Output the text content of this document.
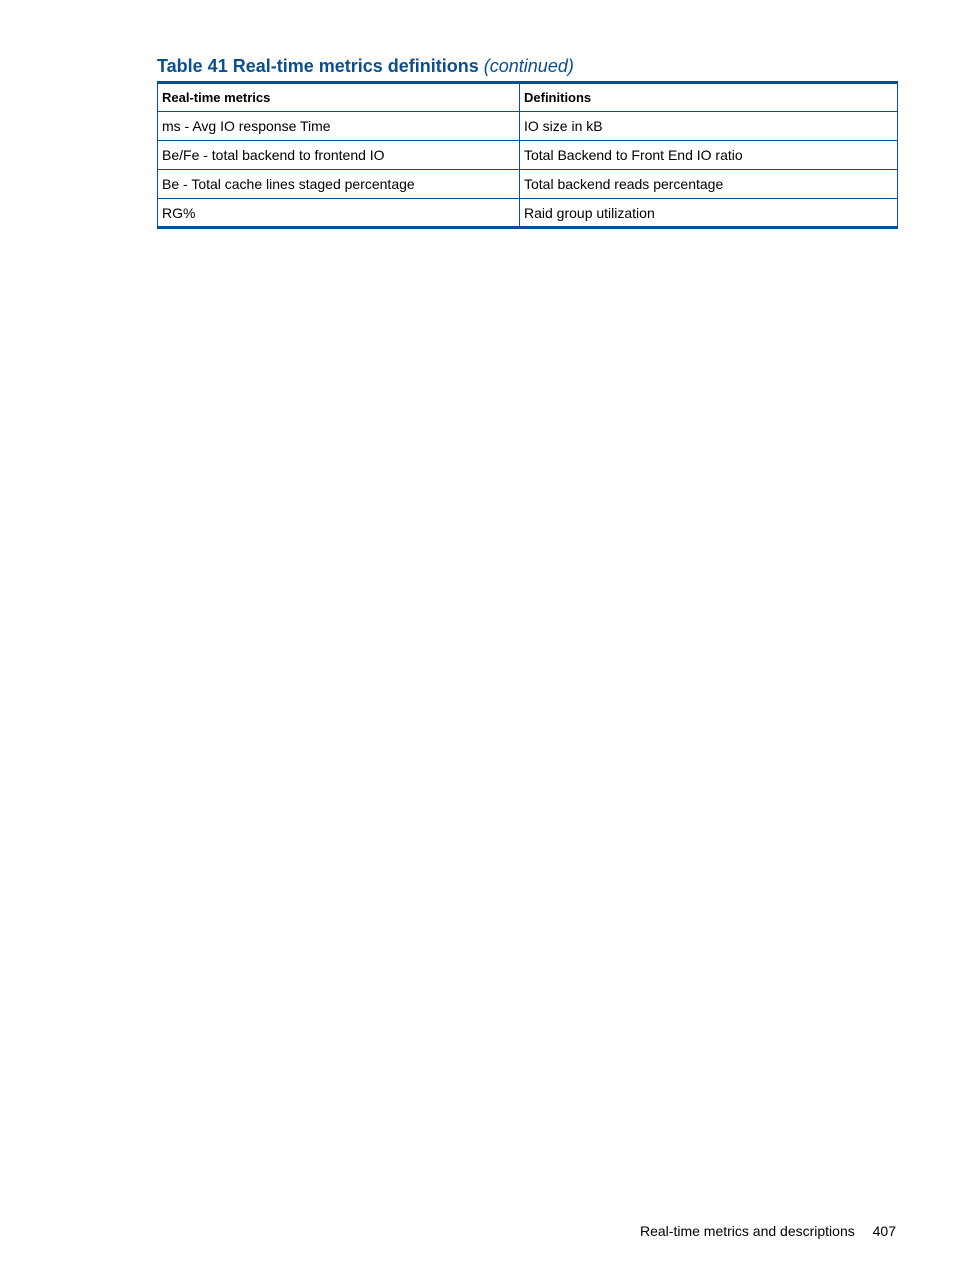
Table 41 Real-time metrics definitions (continued)
Real-time metrics	Definitions
ms - Avg IO response Time	IO size in kB
Be/Fe - total backend to frontend IO	Total Backend to Front End IO ratio
Be - Total cache lines staged percentage	Total backend reads percentage
RG%	Raid group utilization
Real-time metrics and descriptions 407
